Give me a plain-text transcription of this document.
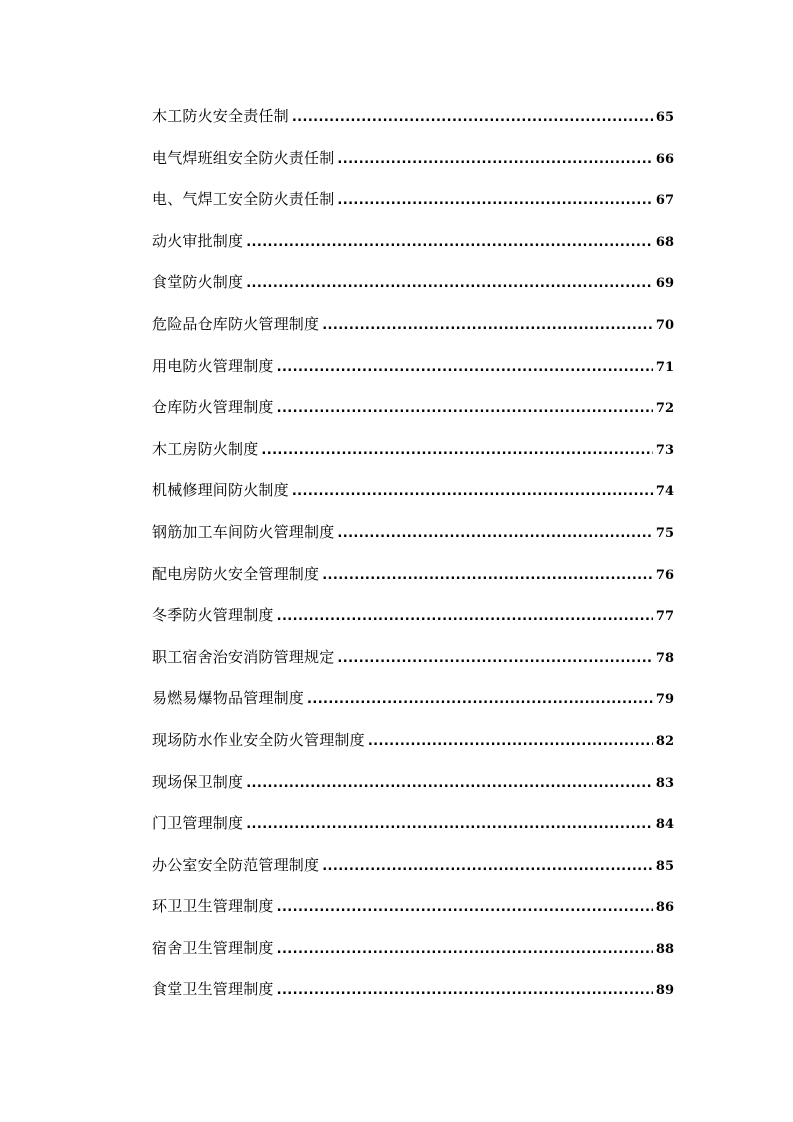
木工防火安全责任制 .....	65
电气焊班组安全防火责任制 .....	66
电、气焊工安全防火责任制 .....	67
动火审批制度 .....	68
食堂防火制度 .....	69
危险品仓库防火管理制度 .....	70
用电防火管理制度 .....	71
仓库防火管理制度 .....	72
木工房防火制度 .....	73
机械修理间防火制度 .....	74
钢筋加工车间防火管理制度 .....	75
配电房防火安全管理制度 .....	76
冬季防火管理制度 .....	77
职工宿舍治安消防管理规定 .....	78
易燃易爆物品管理制度 .....	79
现场防水作业安全防火管理制度 .....	82
现场保卫制度 .....	83
门卫管理制度 .....	84
办公室安全防范管理制度 .....	85
环卫卫生管理制度 .....	86
宿舍卫生管理制度 .....	88
食堂卫生管理制度 .....	89
